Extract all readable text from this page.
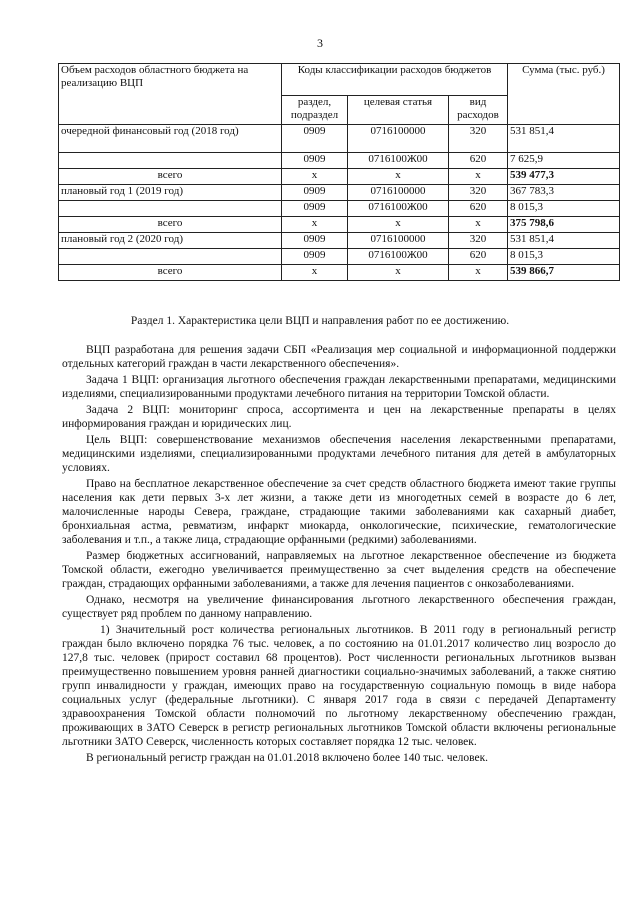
3
Объем расходов областного бюджета на реализацию ВЦП	Коды классификации расходов бюджетов			Сумма (тыс. руб.)
	раздел, подраздел	целевая статья	вид расходов	
очередной финансовый год (2018 год)	0909	0716100000	320	531 851,4
	0909	0716100Ж00	620	7 625,9
всего	х	х	х	539 477,3
плановый год 1 (2019 год)	0909	0716100000	320	367 783,3
	0909	0716100Ж00	620	8 015,3
всего	х	х	х	375 798,6
плановый год 2 (2020 год)	0909	0716100000	320	531 851,4
	0909	0716100Ж00	620	8 015,3
всего	х	х	х	539 866,7
Раздел 1. Характеристика цели ВЦП и направления работ по ее достижению.

ВЦП разработана для решения задачи СБП «Реализация мер социальной и информационной поддержки отдельных категорий граждан в части лекарственного обеспечения».

Задача 1 ВЦП: организация льготного обеспечения граждан лекарственными препаратами, медицинскими изделиями, специализированными продуктами лечебного питания на территории Томской области.

Задача 2 ВЦП: мониторинг спроса, ассортимента и цен на лекарственные препараты в целях информирования граждан и юридических лиц.

Цель ВЦП: совершенствование механизмов обеспечения населения лекарственными препаратами, медицинскими изделиями, специализированными продуктами лечебного питания для детей в амбулаторных условиях.

Право на бесплатное лекарственное обеспечение за счет средств областного бюджета имеют такие группы населения как дети первых 3-х лет жизни, а также дети из многодетных семей в возрасте до 6 лет, малочисленные народы Севера, граждане, страдающие такими заболеваниями как сахарный диабет, бронхиальная астма, ревматизм, инфаркт миокарда, онкологические, психические, гематологические заболевания и т.п., а также лица, страдающие орфанными (редкими) заболеваниями.

Размер бюджетных ассигнований, направляемых на льготное лекарственное обеспечение из бюджета Томской области, ежегодно увеличивается преимущественно за счет выделения средств на обеспечение граждан, страдающих орфанными заболеваниями, а также для лечения пациентов с онкозаболеваниями.

Однако, несмотря на увеличение финансирования льготного лекарственного обеспечения граждан, существует ряд проблем по данному направлению.

1) Значительный рост количества региональных льготников. В 2011 году в региональный регистр граждан было включено порядка 76 тыс. человек, а по состоянию на 01.01.2017 количество лиц возросло до 127,8 тыс. человек (прирост составил 68 процентов). Рост численности региональных льготников вызван преимущественно повышением уровня ранней диагностики социально-значимых заболеваний, а также снятию групп инвалидности у граждан, имеющих право на государственную социальную помощь в виде набора социальных услуг (федеральные льготники). С января 2017 года в связи с передачей Департаменту здравоохранения Томской области полномочий по льготному лекарственному обеспечению граждан, проживающих в ЗАТО Северск в регистр региональных льготников Томской области включены региональные льготники ЗАТО Северск, численность которых составляет порядка 12 тыс. человек.

В региональный регистр граждан на 01.01.2018 включено более 140 тыс. человек.
